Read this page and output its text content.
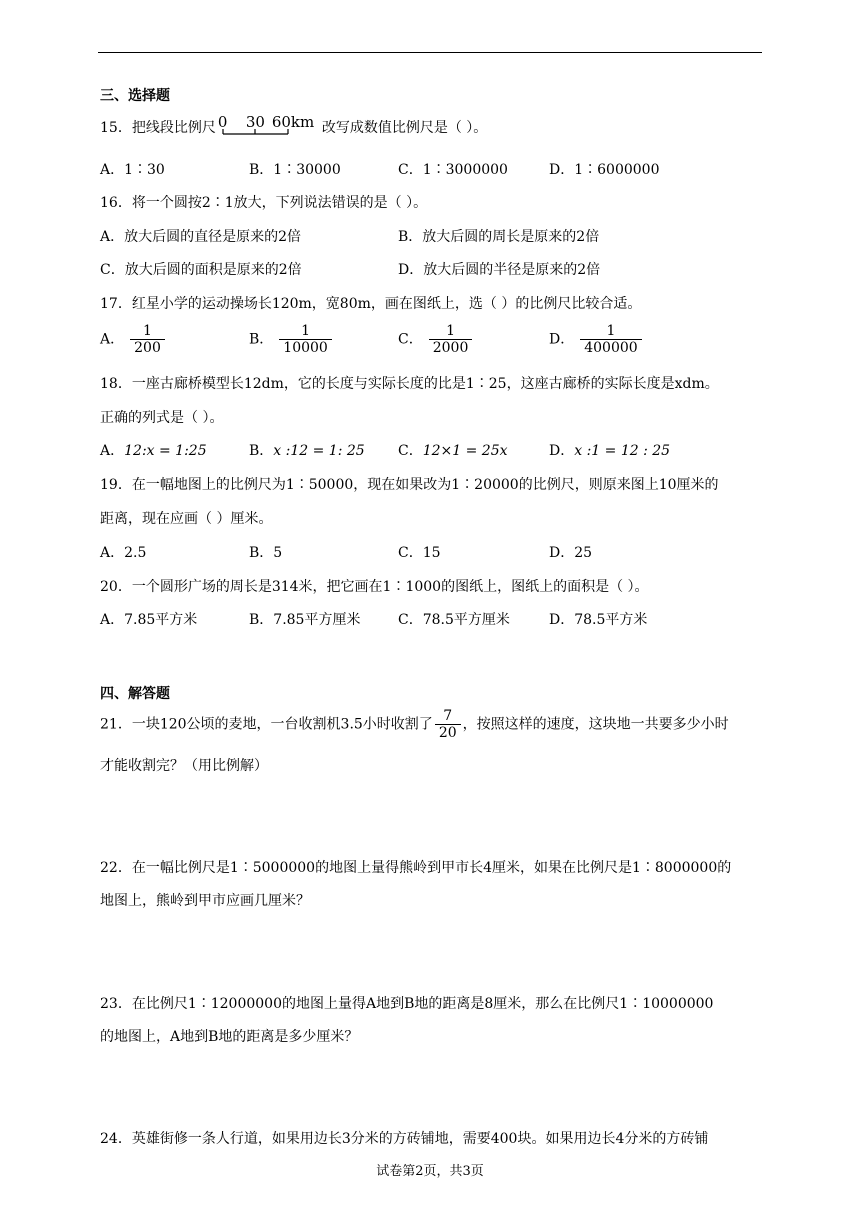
三、选择题
15．把线段比例尺 0 30 60km 改写成数值比例尺是（ ）。
A．1∶30	B．1∶30000	C．1∶3000000	D．1∶6000000
16．将一个圆按2∶1放大，下列说法错误的是（ ）。
A．放大后圆的直径是原来的2倍	B．放大后圆的周长是原来的2倍
C．放大后圆的面积是原来的2倍	D．放大后圆的半径是原来的2倍
17．红星小学的运动操场长120m，宽80m，画在图纸上，选（ ）的比例尺比较合适。
A． $\frac{1}{200}$	B． $\frac{1}{10000}$	C． $\frac{1}{2000}$	D． $\frac{1}{400000}$
18．一座古廊桥模型长12dm，它的长度与实际长度的比是1∶25，这座古廊桥的实际长度是xdm。
正确的列式是（ ）。
A．12:x = 1:25	B．x :12 = 1: 25 C．12×1 = 25x	D．x :1 = 12 : 25
19．在一幅地图上的比例尺为1∶50000，现在如果改为1∶20000的比例尺，则原来图上10厘米的
距离，现在应画（ ）厘米。
A．2.5	B．5	C．15	D．25
20．一个圆形广场的周长是314米，把它画在1∶1000的图纸上，图纸上的面积是（ ）。
A．7.85平方米	B．7.85平方厘米	C．78.5平方厘米	D．78.5平方米
四、解答题
21．一块120公顷的麦地，一台收割机3.5小时收割了 $\frac{7}{20}$ ，按照这样的速度，这块地一共要多少小时
才能收割完？（用比例解）
22．在一幅比例尺是1∶5000000的地图上量得熊岭到甲市长4厘米，如果在比例尺是1∶8000000的
地图上，熊岭到甲市应画几厘米？
23．在比例尺1∶12000000的地图上量得A地到B地的距离是8厘米，那么在比例尺1∶10000000
的地图上，A地到B地的距离是多少厘米？
24．英雄街修一条人行道，如果用边长3分米的方砖铺地，需要400块。如果用边长4分米的方砖铺
试卷第2页，共3页
